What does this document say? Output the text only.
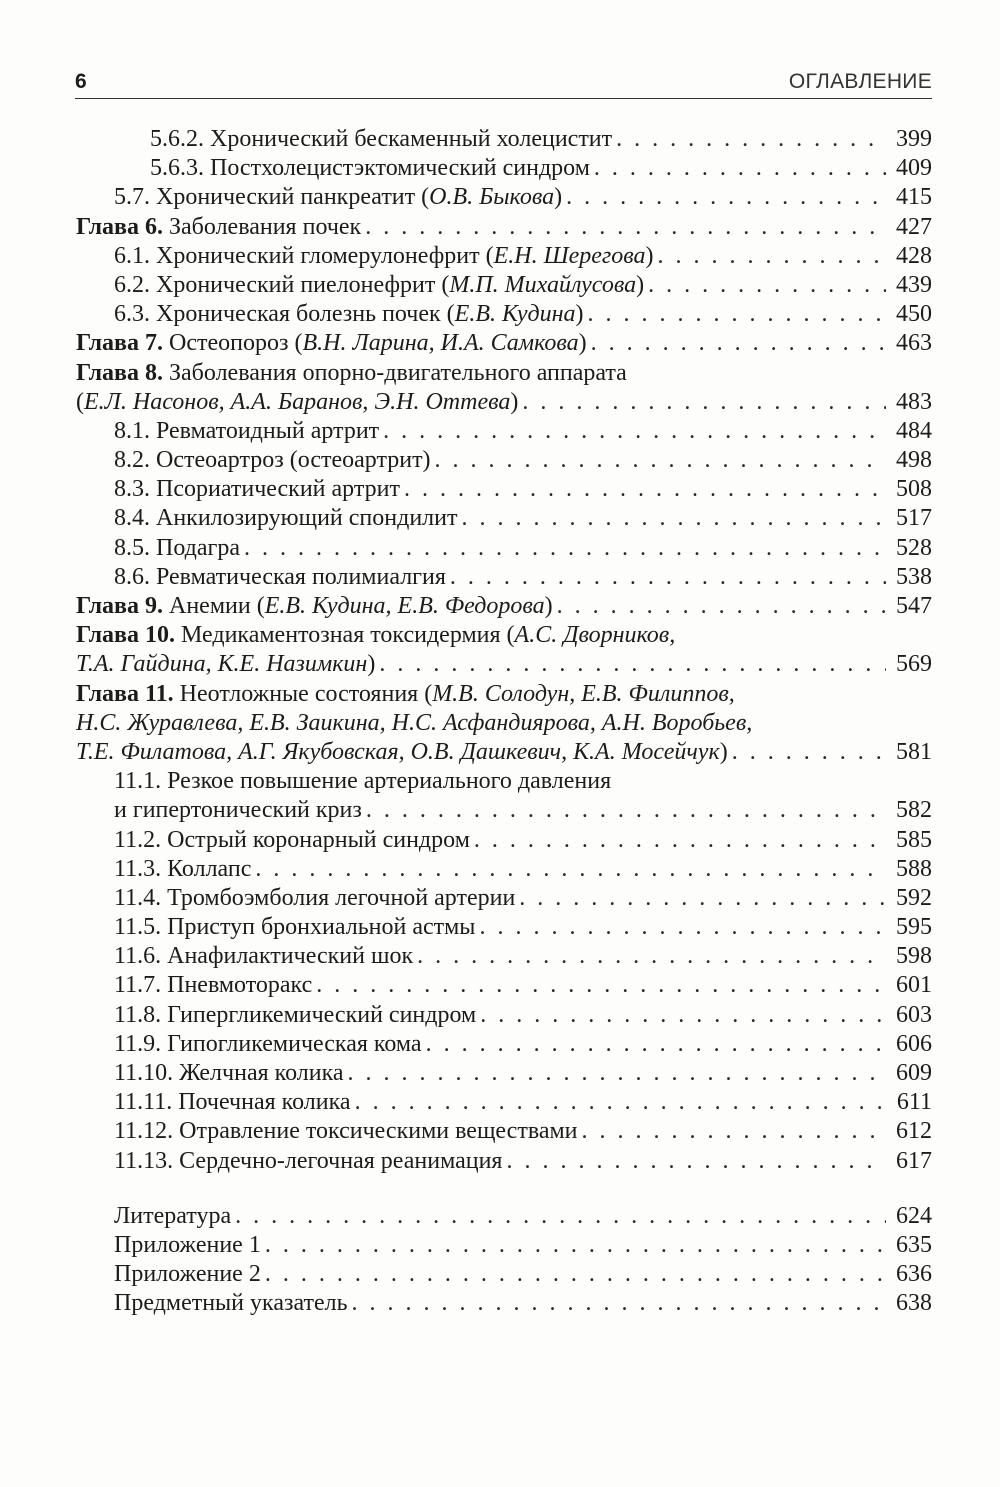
6	ОГЛАВЛЕНИЕ
5.6.2. Хронический бескаменный холецистит . . .	399
5.6.3. Постхолецистэктомический синдром . . .	409
5.7. Хронический панкреатит (О.В. Быкова) . . .	415
Глава 6. Заболевания почек . . .	427
6.1. Хронический гломерулонефрит (Е.Н. Шерегова) . . .	428
6.2. Хронический пиелонефрит (М.П. Михайлусова) . . .	439
6.3. Хроническая болезнь почек (Е.В. Кудина) . . .	450
Глава 7. Остеопороз (В.Н. Ларина, И.А. Самкова) . . .	463
Глава 8. Заболевания опорно-двигательного аппарата
(Е.Л. Насонов, А.А. Баранов, Э.Н. Оттева) . . .	483
8.1. Ревматоидный артрит . . .	484
8.2. Остеоартроз (остеоартрит) . . .	498
8.3. Псориатический артрит . . .	508
8.4. Анкилозирующий спондилит . . .	517
8.5. Подагра . . .	528
8.6. Ревматическая полимиалгия . . .	538
Глава 9. Анемии (Е.В. Кудина, Е.В. Федорова) . . .	547
Глава 10. Медикаментозная токсидермия (А.С. Дворников,
Т.А. Гайдина, К.Е. Назимкин) . . .	569
Глава 11. Неотложные состояния (М.В. Солодун, Е.В. Филиппов,
Н.С. Журавлева, Е.В. Заикина, Н.С. Асфандиярова, А.Н. Воробьев,
Т.Е. Филатова, А.Г. Якубовская, О.В. Дашкевич, К.А. Мосейчук) . . .	581
11.1. Резкое повышение артериального давления
и гипертонический криз . . .	582
11.2. Острый коронарный синдром . . .	585
11.3. Коллапс . . .	588
11.4. Тромбоэмболия легочной артерии . . .	592
11.5. Приступ бронхиальной астмы . . .	595
11.6. Анафилактический шок . . .	598
11.7. Пневмоторакс . . .	601
11.8. Гипергликемический синдром . . .	603
11.9. Гипогликемическая кома . . .	606
11.10. Желчная колика . . .	609
11.11. Почечная колика . . .	611
11.12. Отравление токсическими веществами . . .	612
11.13. Сердечно-легочная реанимация . . .	617
Литература . . .	624
Приложение 1 . . .	635
Приложение 2 . . .	636
Предметный указатель . . .	638
